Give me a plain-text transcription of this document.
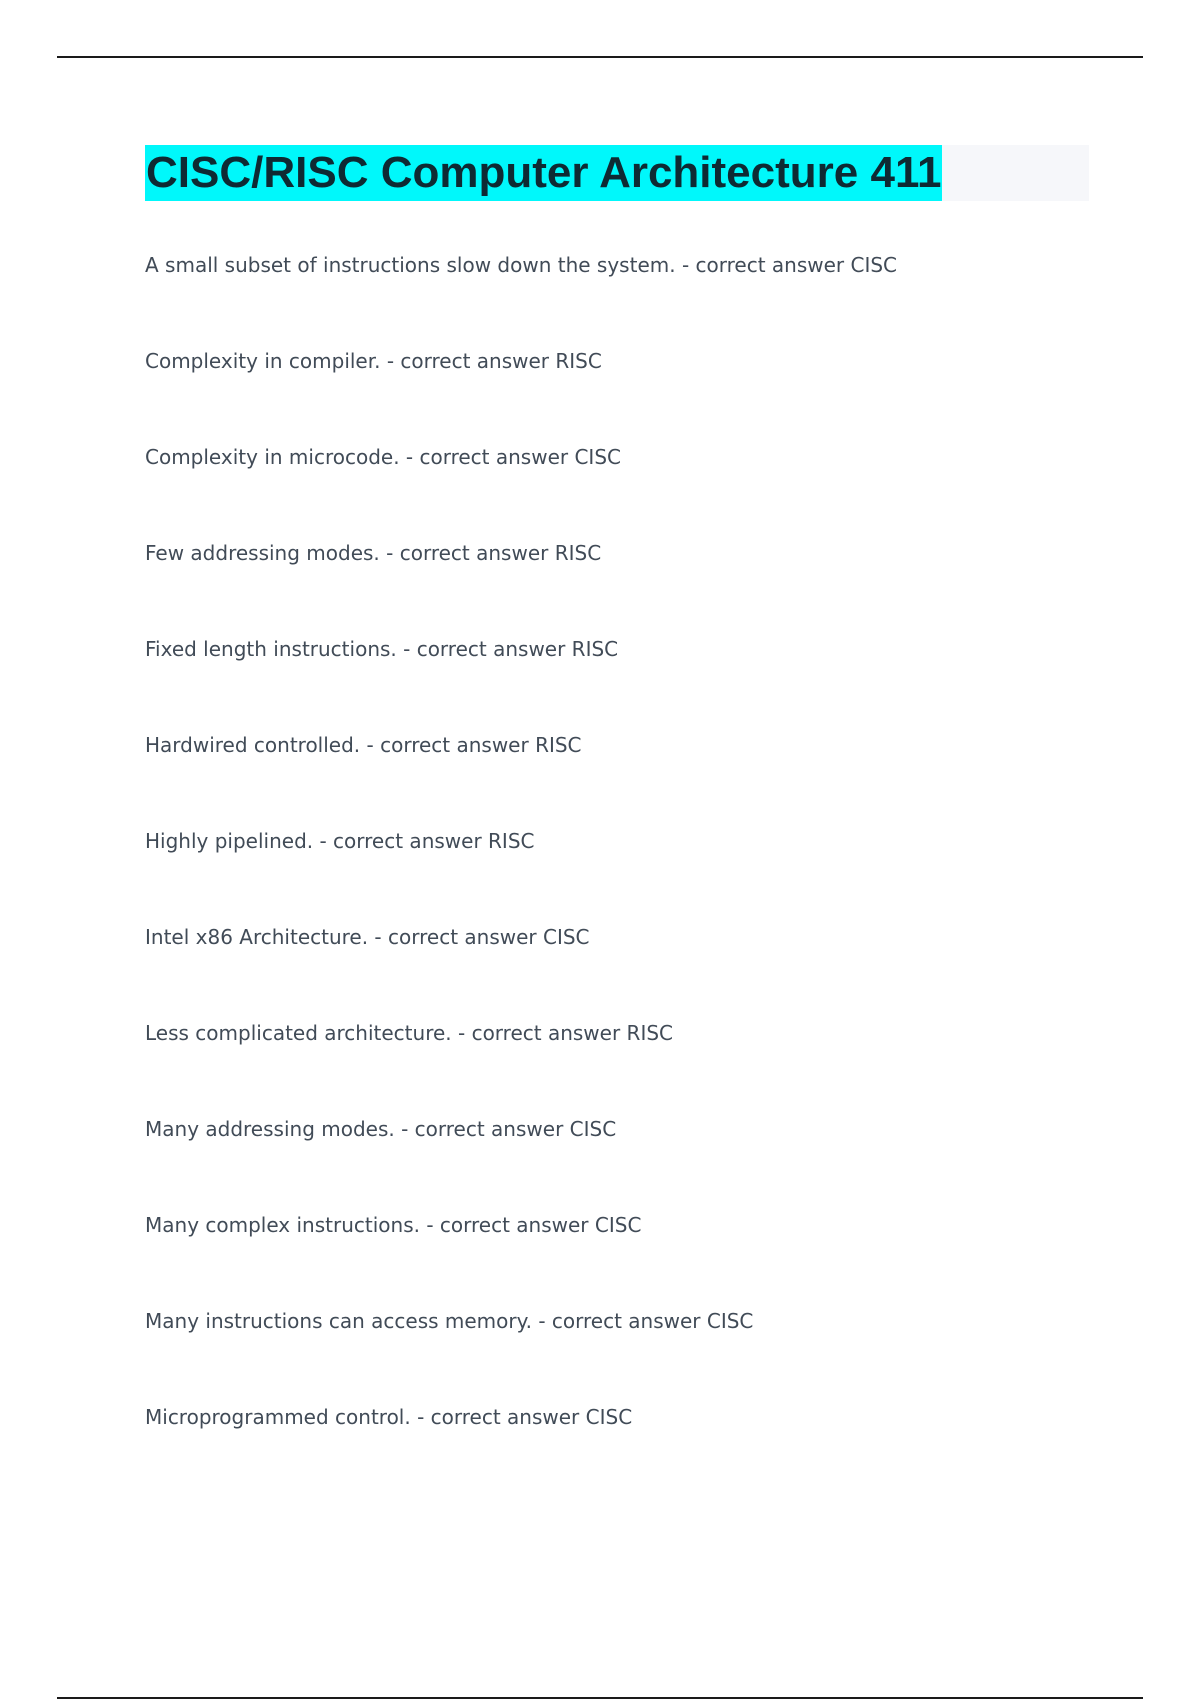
CISC/RISC Computer Architecture 411
A small subset of instructions slow down the system. - correct answer CISC
Complexity in compiler. - correct answer RISC
Complexity in microcode. - correct answer CISC
Few addressing modes. - correct answer RISC
Fixed length instructions. - correct answer RISC
Hardwired controlled. - correct answer RISC
Highly pipelined. - correct answer RISC
Intel x86 Architecture. - correct answer CISC
Less complicated architecture. - correct answer RISC
Many addressing modes. - correct answer CISC
Many complex instructions. - correct answer CISC
Many instructions can access memory. - correct answer CISC
Microprogrammed control. - correct answer CISC
